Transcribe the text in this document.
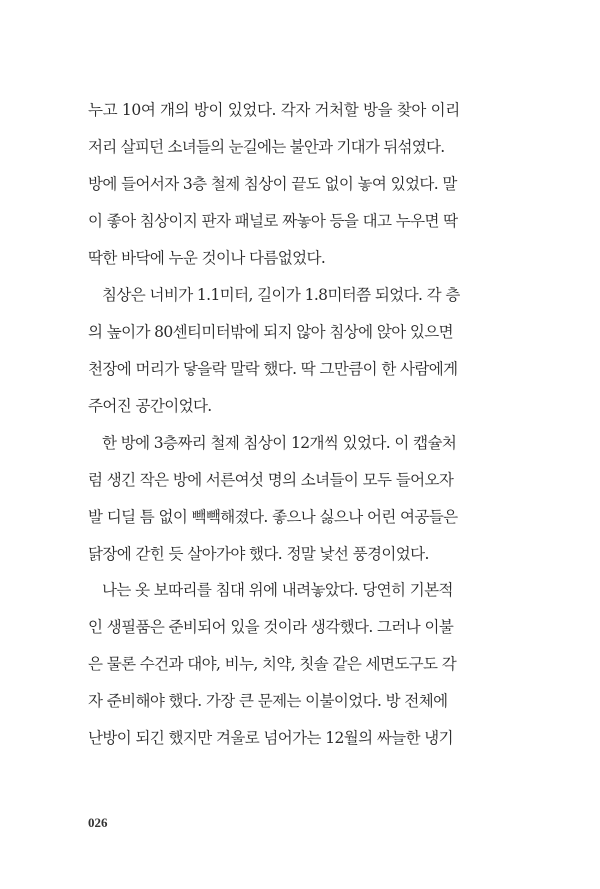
누고 10여 개의 방이 있었다. 각자 거처할 방을 찾아 이리
저리 살피던 소녀들의 눈길에는 불안과 기대가 뒤섞였다.
방에 들어서자 3층 철제 침상이 끝도 없이 놓여 있었다. 말
이 좋아 침상이지 판자 패널로 짜놓아 등을 대고 누우면 딱
딱한 바닥에 누운 것이나 다름없었다.
침상은 너비가 1.1미터, 길이가 1.8미터쯤 되었다. 각 층
의 높이가 80센티미터밖에 되지 않아 침상에 앉아 있으면
천장에 머리가 닿을락 말락 했다. 딱 그만큼이 한 사람에게
주어진 공간이었다.
한 방에 3층짜리 철제 침상이 12개씩 있었다. 이 캡슐처
럼 생긴 작은 방에 서른여섯 명의 소녀들이 모두 들어오자
발 디딜 틈 없이 빽빽해졌다. 좋으나 싫으나 어린 여공들은
닭장에 갇힌 듯 살아가야 했다. 정말 낯선 풍경이었다.
나는 옷 보따리를 침대 위에 내려놓았다. 당연히 기본적
인 생필품은 준비되어 있을 것이라 생각했다. 그러나 이불
은 물론 수건과 대야, 비누, 치약, 칫솔 같은 세면도구도 각
자 준비해야 했다. 가장 큰 문제는 이불이었다. 방 전체에
난방이 되긴 했지만 겨울로 넘어가는 12월의 싸늘한 냉기
026
